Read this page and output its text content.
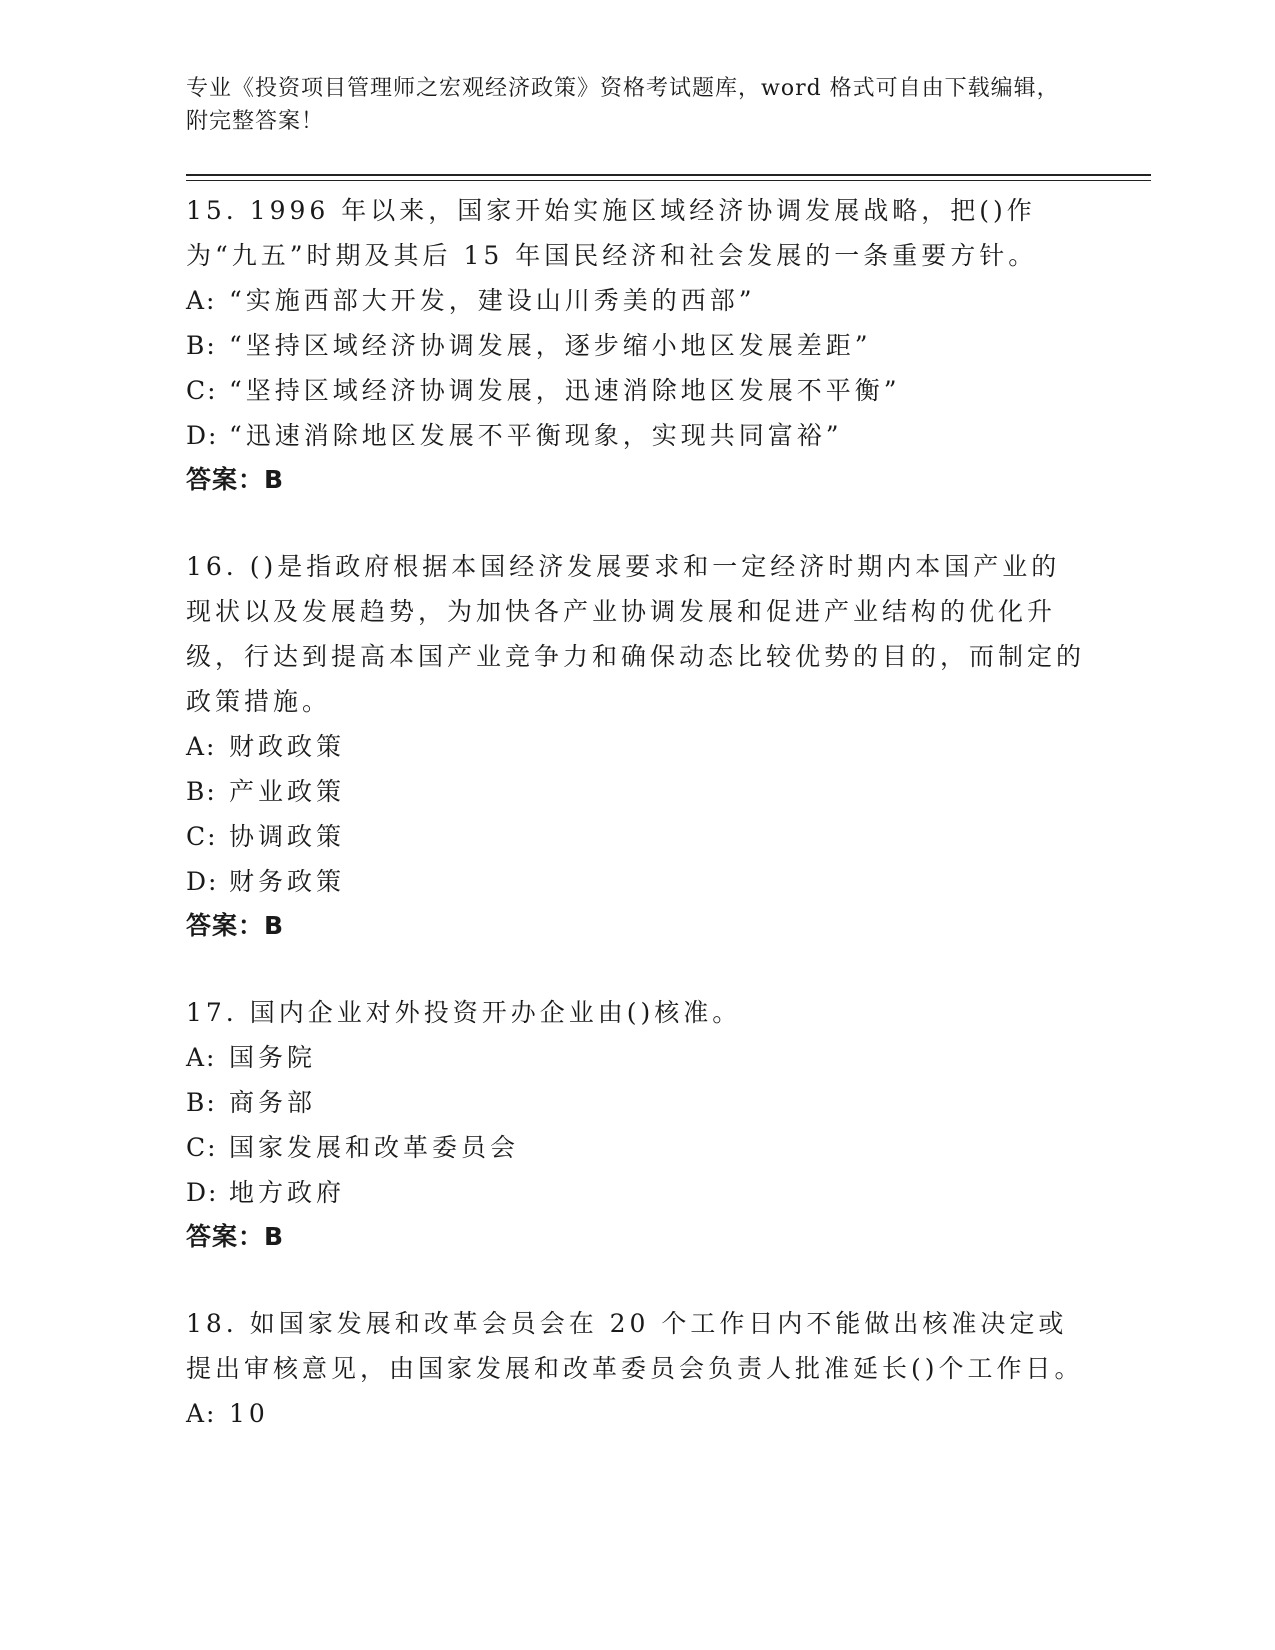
专业《投资项目管理师之宏观经济政策》资格考试题库，word 格式可自由下载编辑，附完整答案！

15. 1996 年以来，国家开始实施区域经济协调发展战略，把()作为“九五”时期及其后 15 年国民经济和社会发展的一条重要方针。

A: “实施西部大开发，建设山川秀美的西部”
B: “坚持区域经济协调发展，逐步缩小地区发展差距”
C: “坚持区域经济协调发展，迅速消除地区发展不平衡”
D: “迅速消除地区发展不平衡现象，实现共同富裕”
答案：B

16. ()是指政府根据本国经济发展要求和一定经济时期内本国产业的现状以及发展趋势，为加快各产业协调发展和促进产业结构的优化升级，行达到提高本国产业竞争力和确保动态比较优势的目的，而制定的政策措施。

A: 财政政策
B: 产业政策
C: 协调政策
D: 财务政策
答案：B

17. 国内企业对外投资开办企业由()核准。

A: 国务院
B: 商务部
C: 国家发展和改革委员会
D: 地方政府
答案：B

18. 如国家发展和改革会员会在 20 个工作日内不能做出核准决定或提出审核意见，由国家发展和改革委员会负责人批准延长()个工作日。

A: 10
